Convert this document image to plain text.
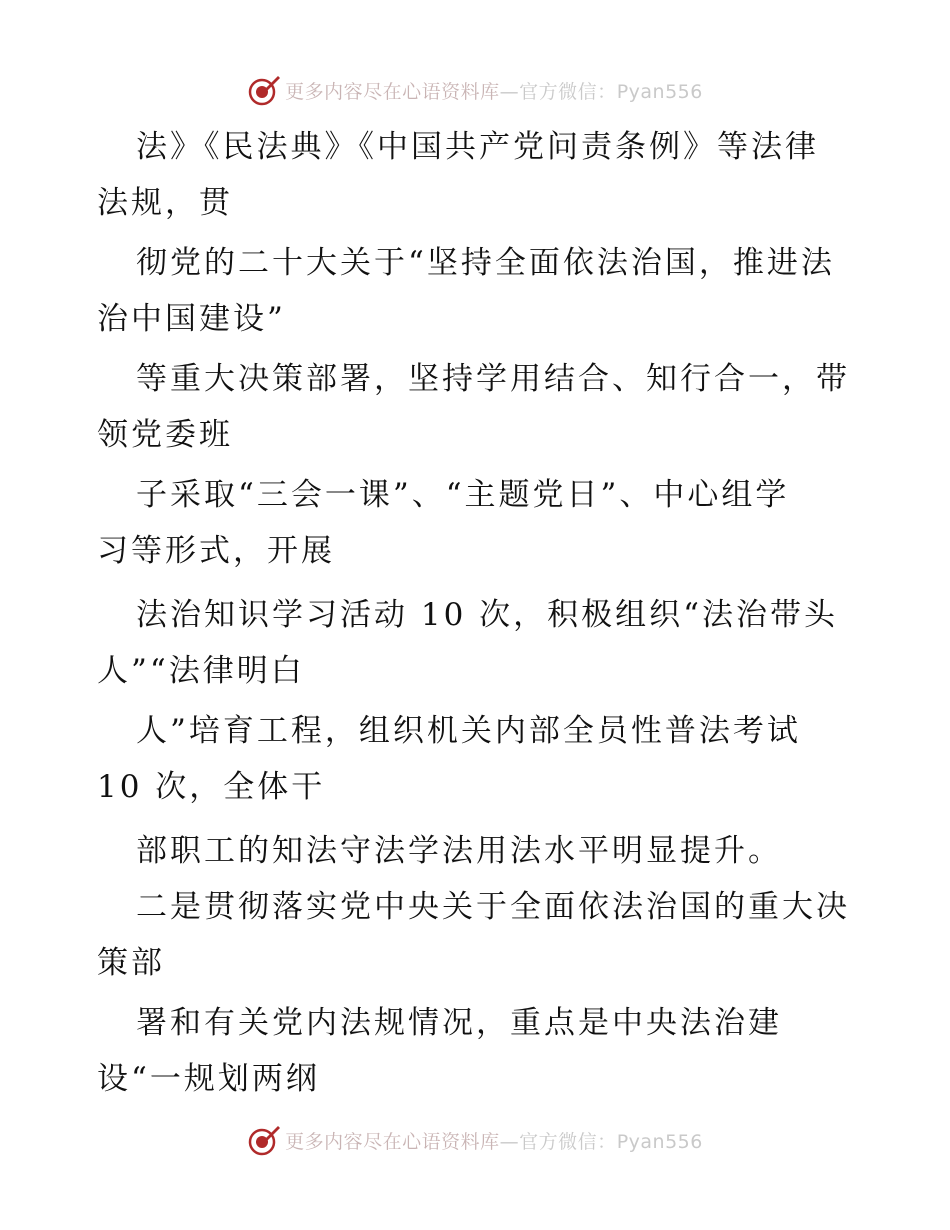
更多内容尽在心语资料库—官方微信：Pyan556
法》《民法典》《中国共产党问责条例》等法律
法规，贯
彻党的二十大关于“坚持全面依法治国，推进法
治中国建设”
等重大决策部署，坚持学用结合、知行合一，带
领党委班
子采取“三会一课”、“主题党日”、中心组学
习等形式，开展
法治知识学习活动 10 次，积极组织“法治带头
人”“法律明白
人”培育工程，组织机关内部全员性普法考试
10 次，全体干
部职工的知法守法学法用法水平明显提升。
二是贯彻落实党中央关于全面依法治国的重大决
策部
署和有关党内法规情况，重点是中央法治建
设“一规划两纲
更多内容尽在心语资料库—官方微信：Pyan556
